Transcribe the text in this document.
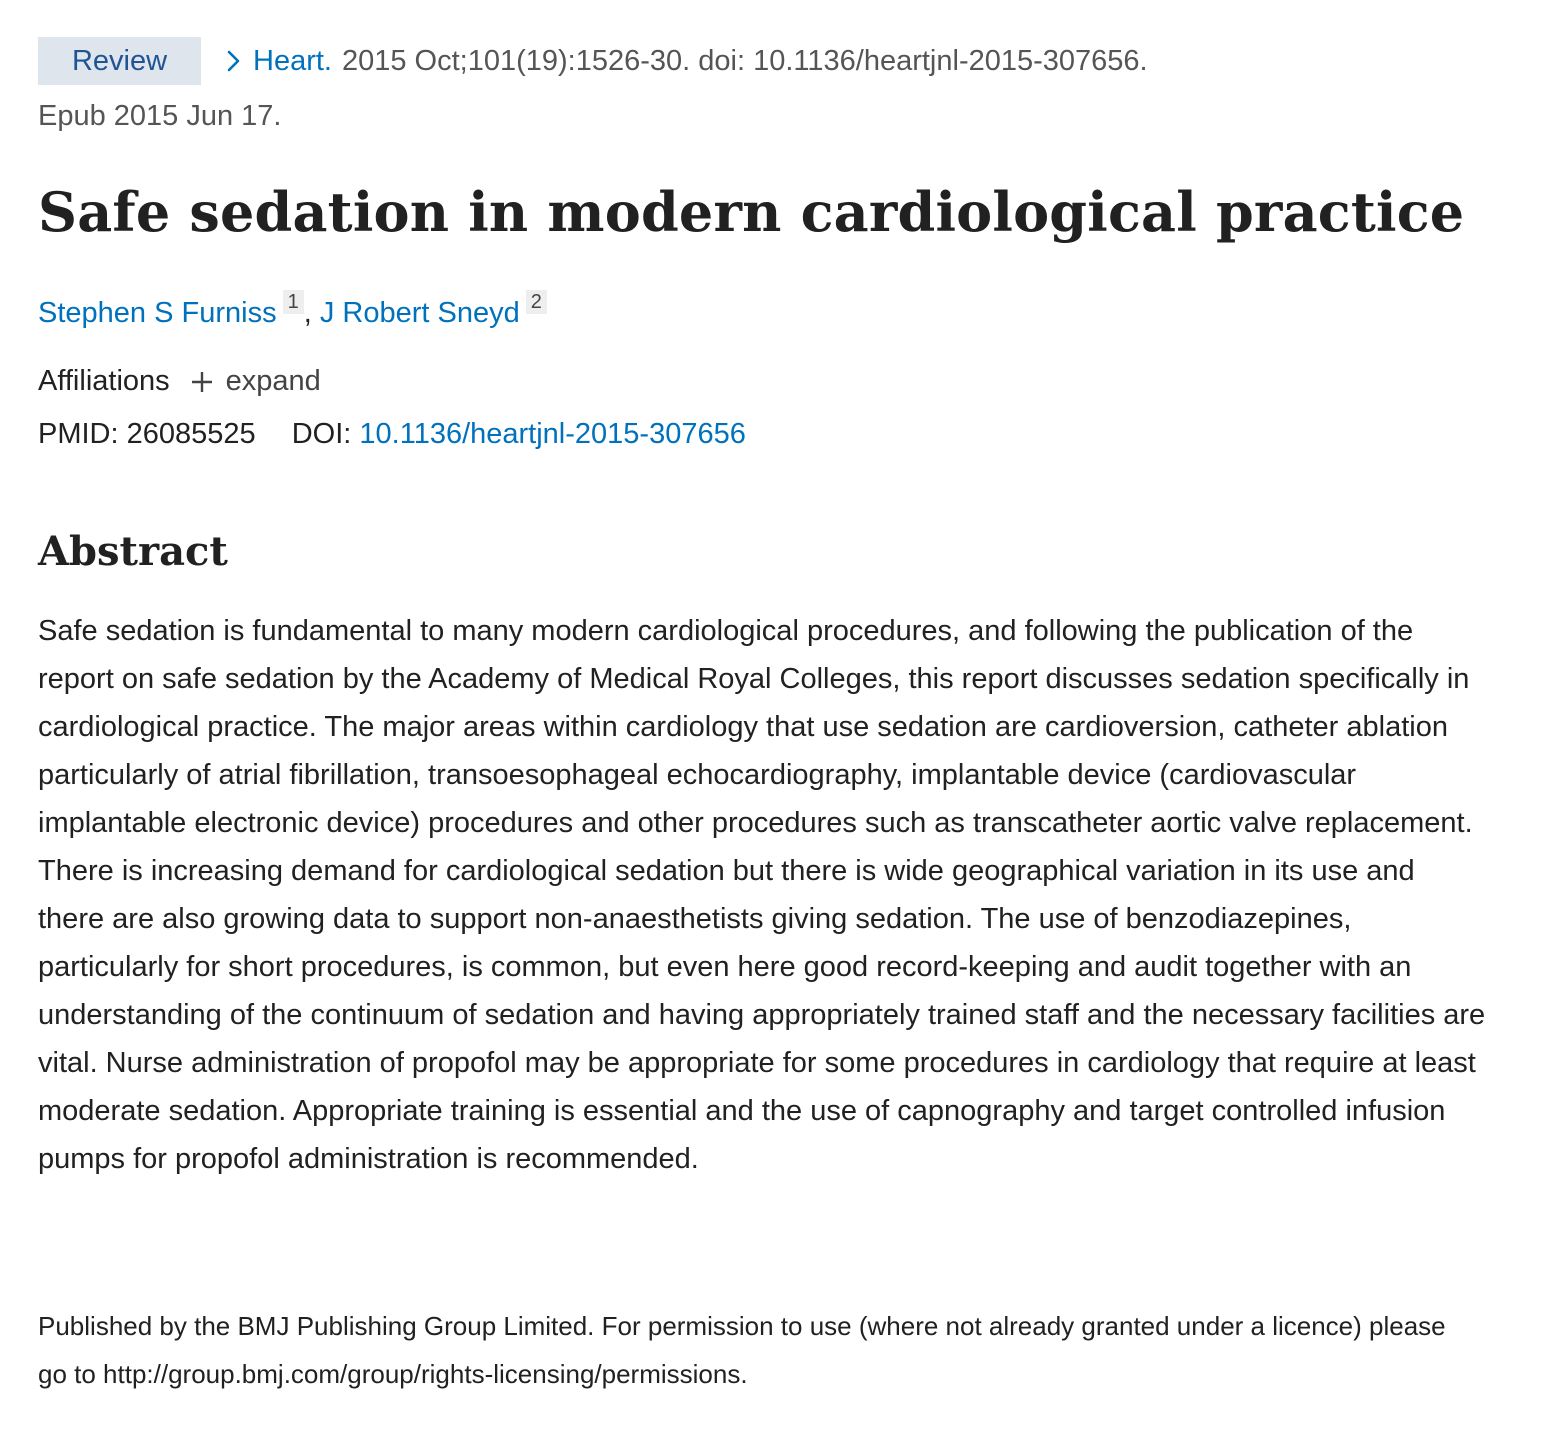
Review	Heart. 2015 Oct;101(19):1526-30. doi: 10.1136/heartjnl-2015-307656.
Epub 2015 Jun 17.
Safe sedation in modern cardiological practice
Stephen S Furniss 1 , J Robert Sneyd 2
Affiliations expand
PMID: 26085525 DOI: 10.1136/heartjnl-2015-307656
Abstract

Safe sedation is fundamental to many modern cardiological procedures, and following the publication of the report on safe sedation by the Academy of Medical Royal Colleges, this report discusses sedation specifically in cardiological practice. The major areas within cardiology that use sedation are cardioversion, catheter ablation particularly of atrial fibrillation, transoesophageal echocardiography, implantable device (cardiovascular implantable electronic device) procedures and other procedures such as transcatheter aortic valve replacement. There is increasing demand for cardiological sedation but there is wide geographical variation in its use and there are also growing data to support non-anaesthetists giving sedation. The use of benzodiazepines, particularly for short procedures, is common, but even here good record-keeping and audit together with an understanding of the continuum of sedation and having appropriately trained staff and the necessary facilities are vital. Nurse administration of propofol may be appropriate for some procedures in cardiology that require at least moderate sedation. Appropriate training is essential and the use of capnography and target controlled infusion pumps for propofol administration is recommended.

Published by the BMJ Publishing Group Limited. For permission to use (where not already granted under a licence) please go to http://group.bmj.com/group/rights-licensing/permissions.
